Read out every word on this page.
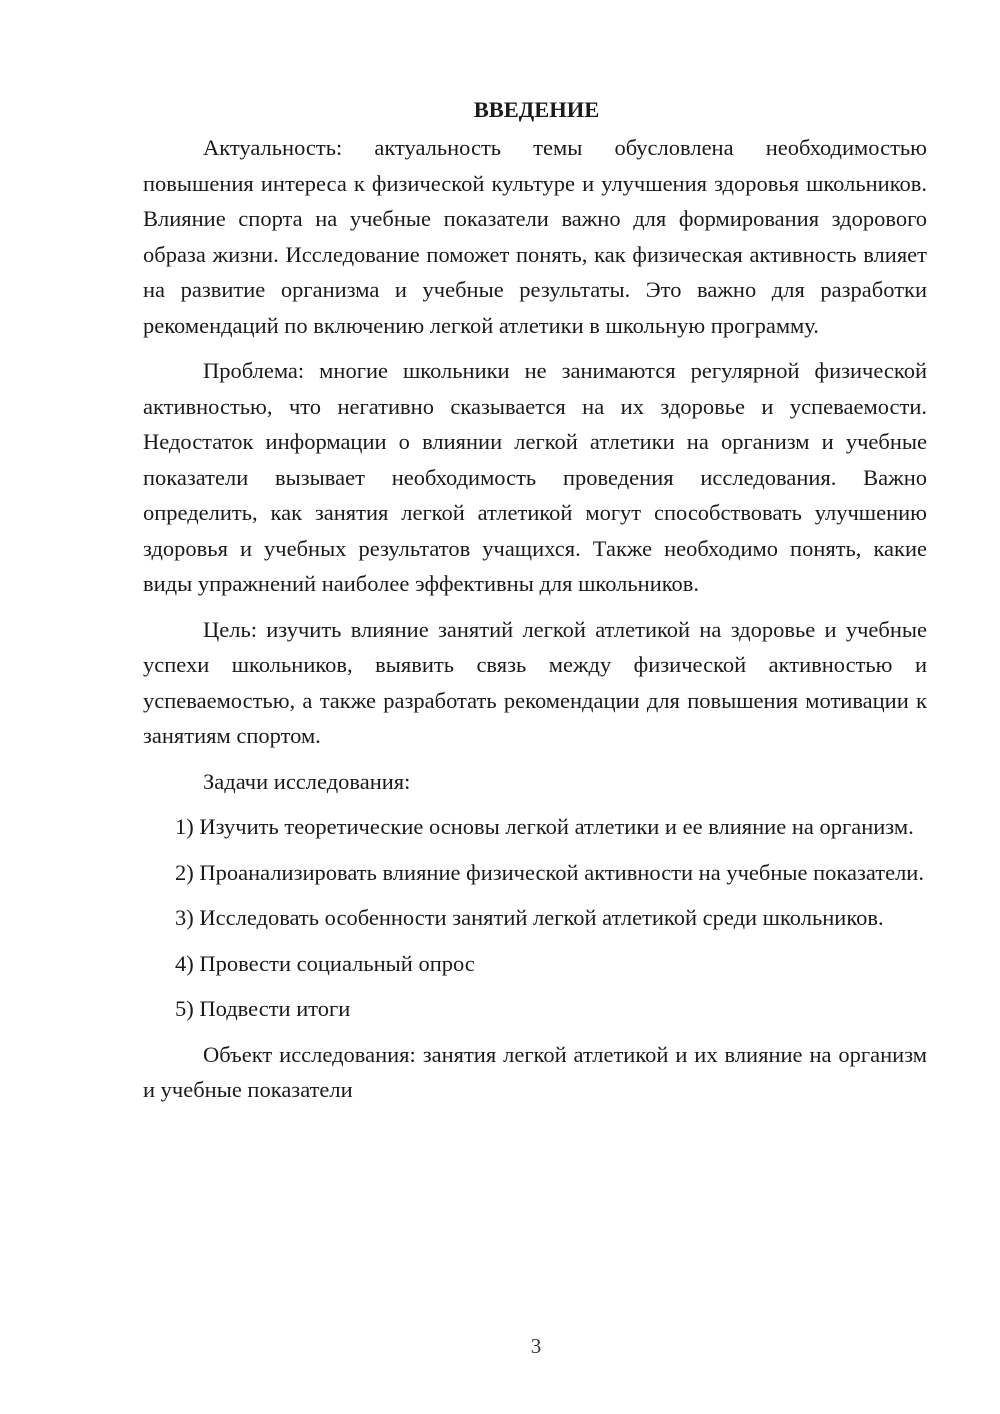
ВВЕДЕНИЕ

Актуальность: актуальность темы обусловлена необходимостью повышения интереса к физической культуре и улучшения здоровья школьников. Влияние спорта на учебные показатели важно для формирования здорового образа жизни. Исследование поможет понять, как физическая активность влияет на развитие организма и учебные результаты. Это важно для разработки рекомендаций по включению легкой атлетики в школьную программу.

Проблема: многие школьники не занимаются регулярной физической активностью, что негативно сказывается на их здоровье и успеваемости. Недостаток информации о влиянии легкой атлетики на организм и учебные показатели вызывает необходимость проведения исследования. Важно определить, как занятия легкой атлетикой могут способствовать улучшению здоровья и учебных результатов учащихся. Также необходимо понять, какие виды упражнений наиболее эффективны для школьников.

Цель: изучить влияние занятий легкой атлетикой на здоровье и учебные успехи школьников, выявить связь между физической активностью и успеваемостью, а также разработать рекомендации для повышения мотивации к занятиям спортом.

Задачи исследования:

1) Изучить теоретические основы легкой атлетики и ее влияние на организм.

2) Проанализировать влияние физической активности на учебные показатели.

3) Исследовать особенности занятий легкой атлетикой среди школьников.

4) Провести социальный опрос

5) Подвести итоги

Объект исследования: занятия легкой атлетикой и их влияние на организм и учебные показатели

3
